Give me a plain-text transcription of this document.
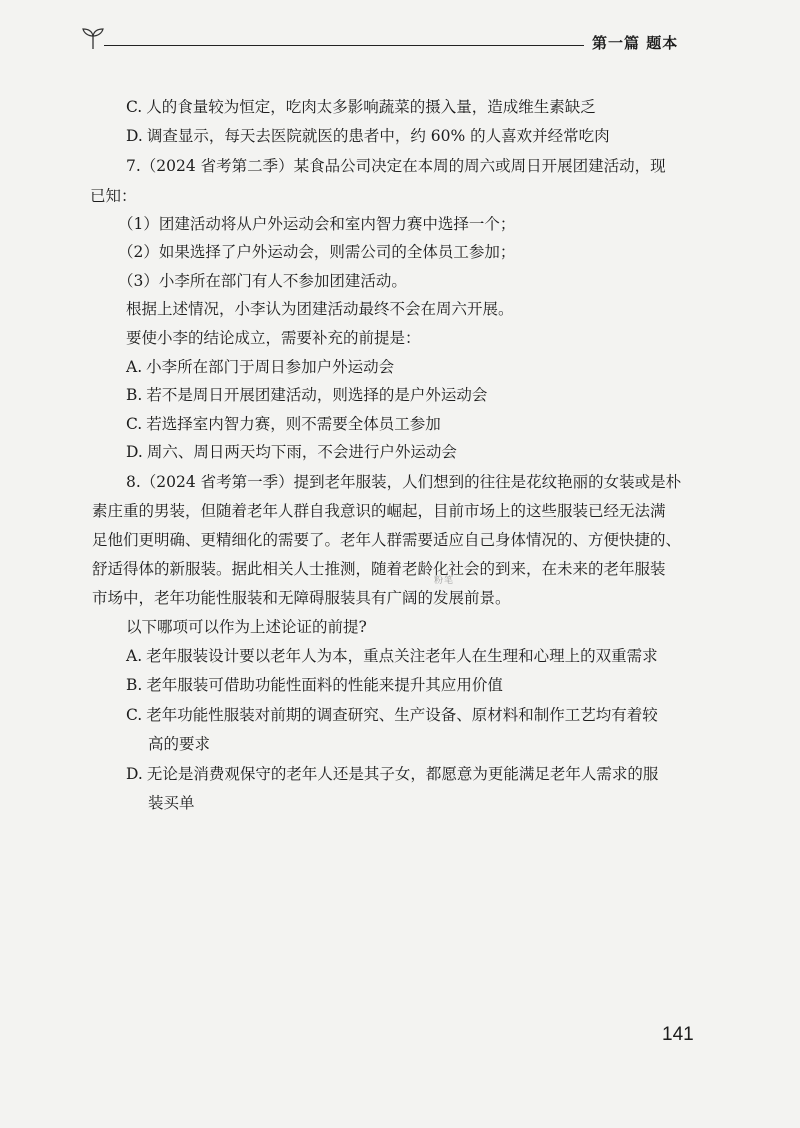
第一篇 题本
C. 人的食量较为恒定，吃肉太多影响蔬菜的摄入量，造成维生素缺乏
D. 调查显示，每天去医院就医的患者中，约 60% 的人喜欢并经常吃肉
7.（2024 省考第二季）某食品公司决定在本周的周六或周日开展团建活动，现
已知：
（1）团建活动将从户外运动会和室内智力赛中选择一个；
（2）如果选择了户外运动会，则需公司的全体员工参加；
（3）小李所在部门有人不参加团建活动。
根据上述情况，小李认为团建活动最终不会在周六开展。
要使小李的结论成立，需要补充的前提是：
A. 小李所在部门于周日参加户外运动会
B. 若不是周日开展团建活动，则选择的是户外运动会
C. 若选择室内智力赛，则不需要全体员工参加
D. 周六、周日两天均下雨，不会进行户外运动会
8.（2024 省考第一季）提到老年服装，人们想到的往往是花纹艳丽的女装或是朴
素庄重的男装，但随着老年人群自我意识的崛起，目前市场上的这些服装已经无法满
足他们更明确、更精细化的需要了。老年人群需要适应自己身体情况的、方便快捷的、
舒适得体的新服装。据此相关人士推测，随着老龄化社会的到来，在未来的老年服装
市场中，老年功能性服装和无障碍服装具有广阔的发展前景。
以下哪项可以作为上述论证的前提?
A. 老年服装设计要以老年人为本，重点关注老年人在生理和心理上的双重需求
B. 老年服装可借助功能性面料的性能来提升其应用价值
C. 老年功能性服装对前期的调查研究、生产设备、原材料和制作工艺均有着较
高的要求
D. 无论是消费观保守的老年人还是其子女，都愿意为更能满足老年人需求的服
装买单
粉笔
141
